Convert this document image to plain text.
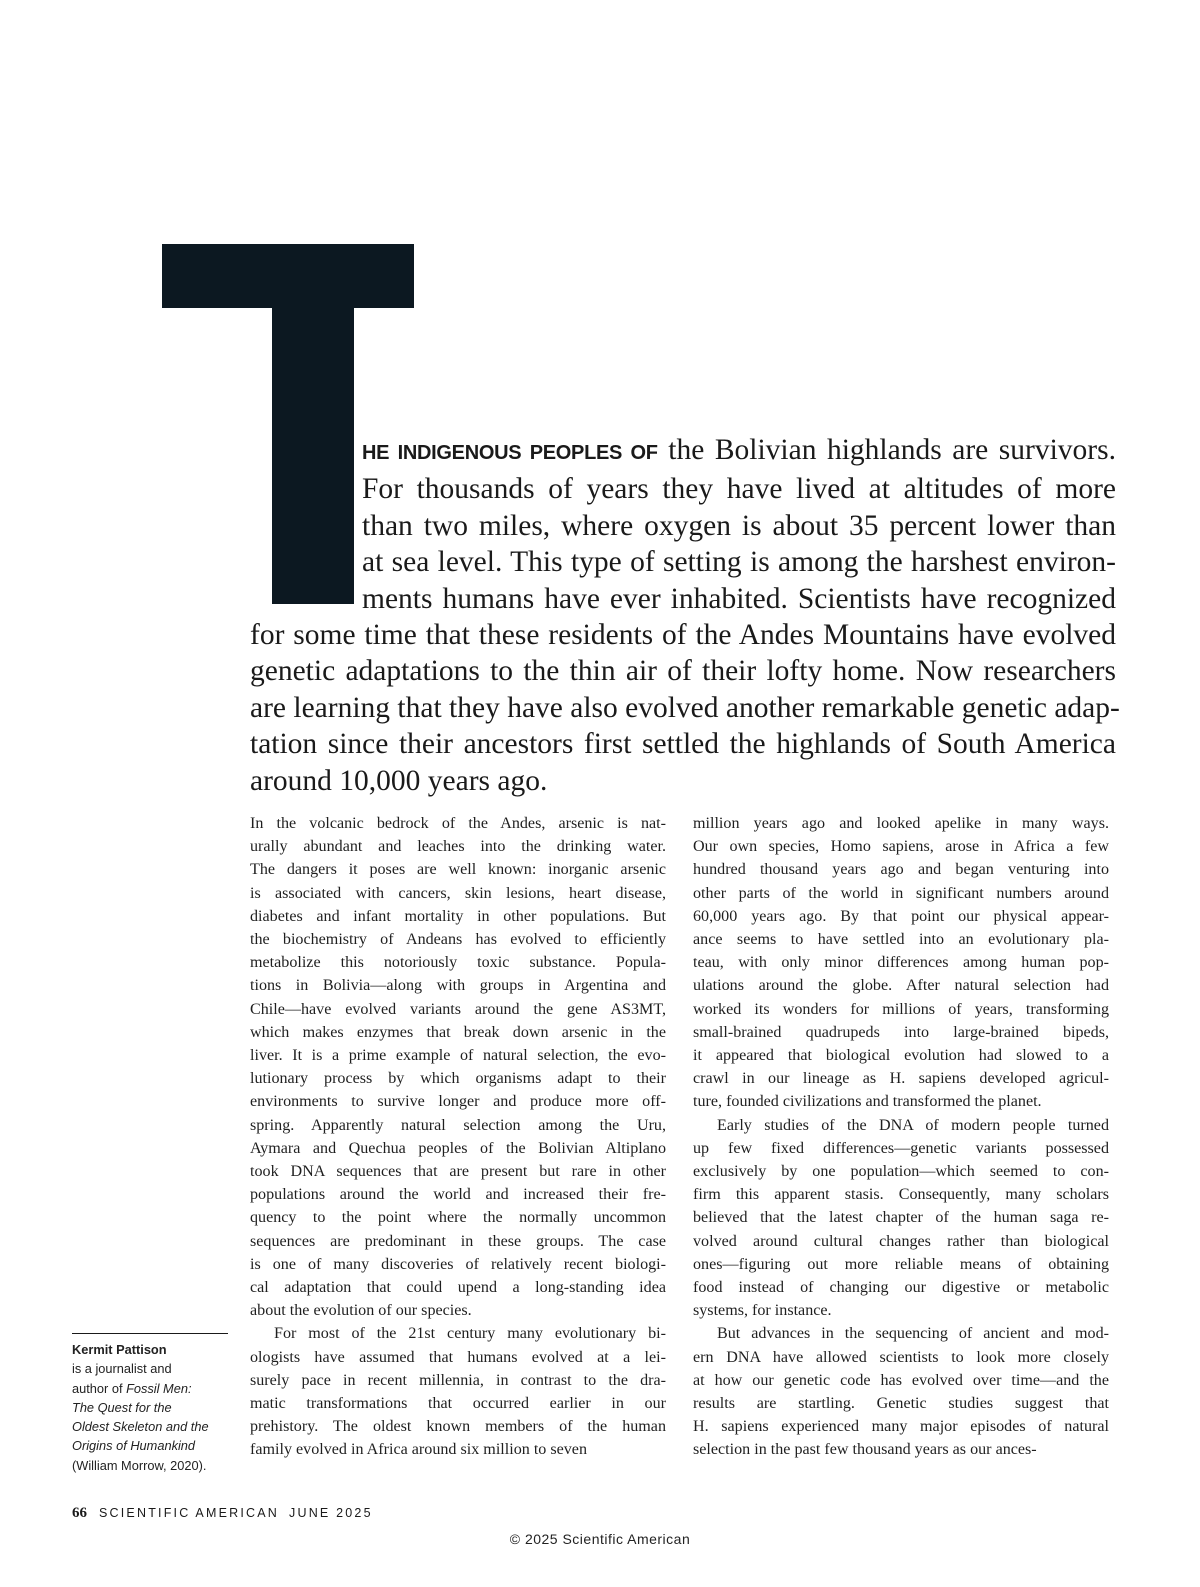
HE INDIGENOUS PEOPLES OF the Bolivian highlands are survivors.
For thousands of years they have lived at altitudes of more
than two miles, where oxygen is about 35 percent lower than
at sea level. This type of setting is among the harshest environ-
ments humans have ever inhabited. Scientists have recognized
for some time that these residents of the Andes Mountains have evolved
genetic adaptations to the thin air of their lofty home. Now researchers
are learning that they have also evolved another remarkable genetic adap-
tation since their ancestors first settled the highlands of South America
around 10,000 years ago.
In the volcanic bedrock of the Andes, arsenic is nat-
urally abundant and leaches into the drinking water.
The dangers it poses are well known: inorganic arsenic
is associated with cancers, skin lesions, heart disease,
diabetes and infant mortality in other populations. But
the biochemistry of Andeans has evolved to efficiently
metabolize this notoriously toxic substance. Popula-
tions in Bolivia—along with groups in Argentina and
Chile—have evolved variants around the gene AS3MT,
which makes enzymes that break down arsenic in the
liver. It is a prime example of natural selection, the evo-
lutionary process by which organisms adapt to their
environments to survive longer and produce more off-
spring. Apparently natural selection among the Uru,
Aymara and Quechua peoples of the Bolivian Altiplano
took DNA sequences that are present but rare in other
populations around the world and increased their fre-
quency to the point where the normally uncommon
sequences are predominant in these groups. The case
is one of many discoveries of relatively recent biologi-
cal adaptation that could upend a long-standing idea
about the evolution of our species.
For most of the 21st century many evolutionary bi-
ologists have assumed that humans evolved at a lei-
surely pace in recent millennia, in contrast to the dra-
matic transformations that occurred earlier in our
prehistory. The oldest known members of the human
family evolved in Africa around six million to seven
million years ago and looked apelike in many ways.
Our own species, Homo sapiens, arose in Africa a few
hundred thousand years ago and began venturing into
other parts of the world in significant numbers around
60,000 years ago. By that point our physical appear-
ance seems to have settled into an evolutionary pla-
teau, with only minor differences among human pop-
ulations around the globe. After natural selection had
worked its wonders for millions of years, transforming
small-brained quadrupeds into large-brained bipeds,
it appeared that biological evolution had slowed to a
crawl in our lineage as H. sapiens developed agricul-
ture, founded civilizations and transformed the planet.
Early studies of the DNA of modern people turned
up few fixed differences—genetic variants possessed
exclusively by one population—which seemed to con-
firm this apparent stasis. Consequently, many scholars
believed that the latest chapter of the human saga re-
volved around cultural changes rather than biological
ones—figuring out more reliable means of obtaining
food instead of changing our digestive or metabolic
systems, for instance.
But advances in the sequencing of ancient and mod-
ern DNA have allowed scientists to look more closely
at how our genetic code has evolved over time—and the
results are startling. Genetic studies suggest that
H. sapiens experienced many major episodes of natural
selection in the past few thousand years as our ances-
Kermit Pattison
is a journalist and
author of Fossil Men:
The Quest for the
Oldest Skeleton and the
Origins of Humankind
(William Morrow, 2020).
66 SCIENTIFIC AMERICAN JUNE 2025
© 2025 Scientific American
